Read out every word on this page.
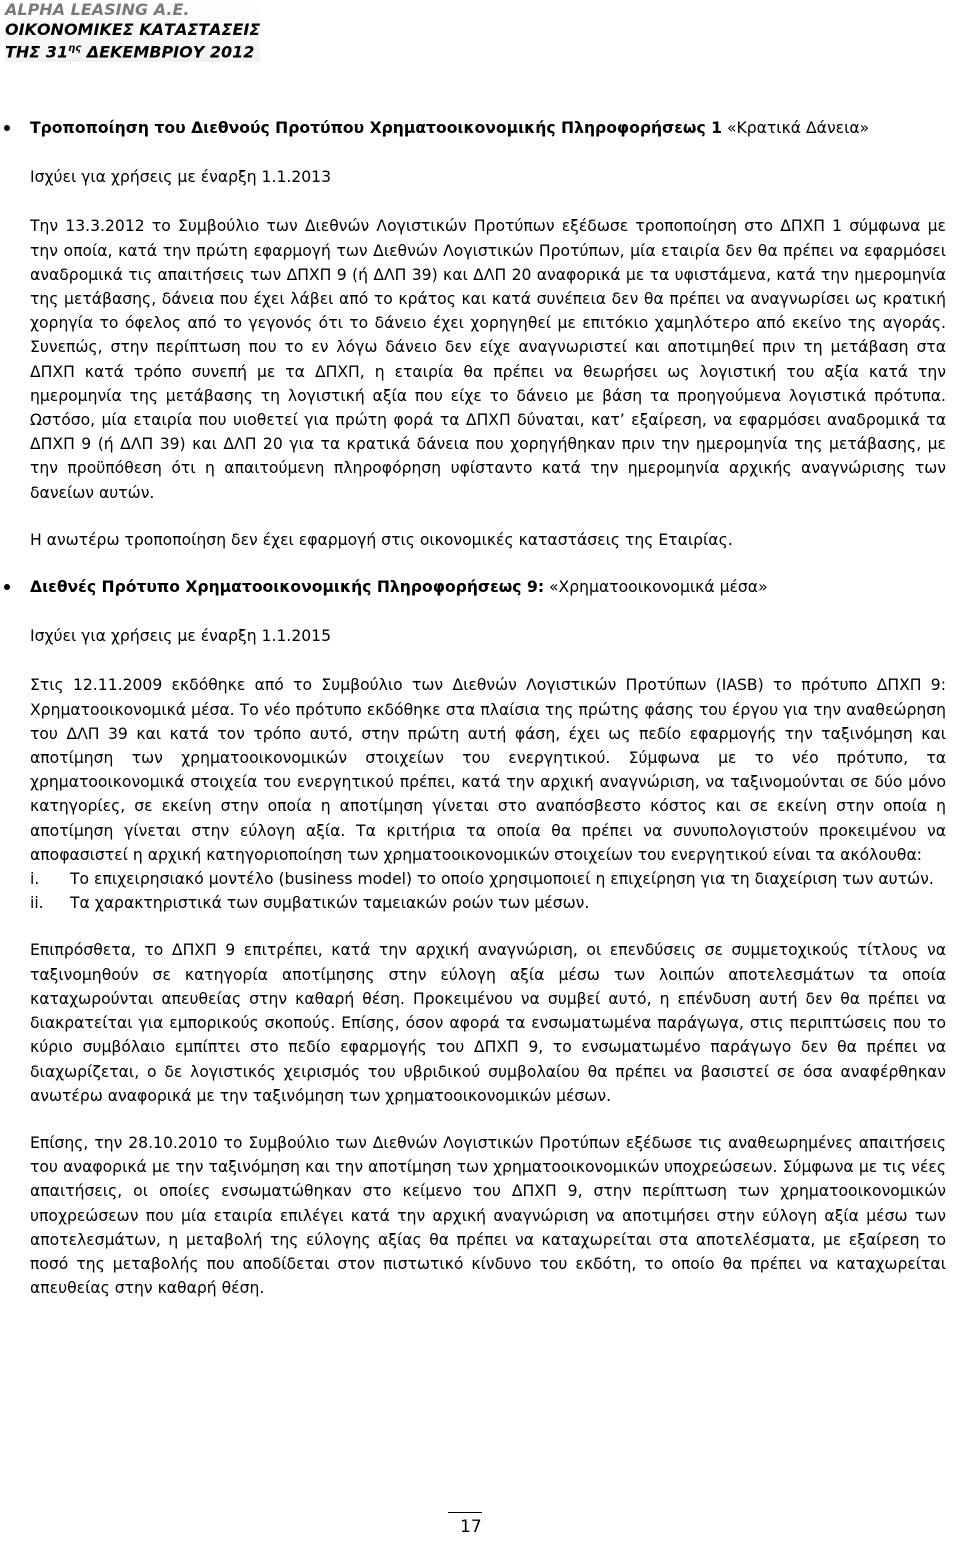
ALPHA LEASING A.E.
ΟΙΚΟΝΟΜΙΚΕΣ ΚΑΤΑΣΤΑΣΕΙΣ
ΤΗΣ $31^{\eta\varsigma}$ ΔΕΚΕΜΒΡΙΟΥ 2012

Τροποποίηση του Διεθνούς Προτύπου Χρηματοοικονομικής Πληροφορήσεως 1 «Κρατικά Δάνεια»

Ισχύει για χρήσεις με έναρξη 1.1.2013

Την 13.3.2012 το Συμβούλιο των Διεθνών Λογιστικών Προτύπων εξέδωσε τροποποίηση στο ΔΠΧΠ 1 σύμφωνα με την οποία, κατά την πρώτη εφαρμογή των Διεθνών Λογιστικών Προτύπων, μία εταιρία δεν θα πρέπει να εφαρμόσει αναδρομικά τις απαιτήσεις των ΔΠΧΠ 9 (ή ΔΛΠ 39) και ΔΛΠ 20 αναφορικά με τα υφιστάμενα, κατά την ημερομηνία της μετάβασης, δάνεια που έχει λάβει από το κράτος και κατά συνέπεια δεν θα πρέπει να αναγνωρίσει ως κρατική χορηγία το όφελος από το γεγονός ότι το δάνειο έχει χορηγηθεί με επιτόκιο χαμηλότερο από εκείνο της αγοράς. Συνεπώς, στην περίπτωση που το εν λόγω δάνειο δεν είχε αναγνωριστεί και αποτιμηθεί πριν τη μετάβαση στα ΔΠΧΠ κατά τρόπο συνεπή με τα ΔΠΧΠ, η εταιρία θα πρέπει να θεωρήσει ως λογιστική του αξία κατά την ημερομηνία της μετάβασης τη λογιστική αξία που είχε το δάνειο με βάση τα προηγούμενα λογιστικά πρότυπα. Ωστόσο, μία εταιρία που υιοθετεί για πρώτη φορά τα ΔΠΧΠ δύναται, κατ’ εξαίρεση, να εφαρμόσει αναδρομικά τα ΔΠΧΠ 9 (ή ΔΛΠ 39) και ΔΛΠ 20 για τα κρατικά δάνεια που χορηγήθηκαν πριν την ημερομηνία της μετάβασης, με την προϋπόθεση ότι η απαιτούμενη πληροφόρηση υφίσταντο κατά την ημερομηνία αρχικής αναγνώρισης των δανείων αυτών.

Η ανωτέρω τροποποίηση δεν έχει εφαρμογή στις οικονομικές καταστάσεις της Εταιρίας.

Διεθνές Πρότυπο Χρηματοοικονομικής Πληροφορήσεως 9: «Χρηματοοικονομικά μέσα»

Ισχύει για χρήσεις με έναρξη 1.1.2015

Στις 12.11.2009 εκδόθηκε από το Συμβούλιο των Διεθνών Λογιστικών Προτύπων (IASB) το πρότυπο ΔΠΧΠ 9: Χρηματοοικονομικά μέσα. Το νέο πρότυπο εκδόθηκε στα πλαίσια της πρώτης φάσης του έργου για την αναθεώρηση του ΔΛΠ 39 και κατά τον τρόπο αυτό, στην πρώτη αυτή φάση, έχει ως πεδίο εφαρμογής την ταξινόμηση και αποτίμηση των χρηματοοικονομικών στοιχείων του ενεργητικού. Σύμφωνα με το νέο πρότυπο, τα χρηματοοικονομικά στοιχεία του ενεργητικού πρέπει, κατά την αρχική αναγνώριση, να ταξινομούνται σε δύο μόνο κατηγορίες, σε εκείνη στην οποία η αποτίμηση γίνεται στο αναπόσβεστο κόστος και σε εκείνη στην οποία η αποτίμηση γίνεται στην εύλογη αξία. Τα κριτήρια τα οποία θα πρέπει να συνυπολογιστούν προκειμένου να αποφασιστεί η αρχική κατηγοριοποίηση των χρηματοοικονομικών στοιχείων του ενεργητικού είναι τα ακόλουθα:

i. Το επιχειρησιακό μοντέλο (business model) το οποίο χρησιμοποιεί η επιχείρηση για τη διαχείριση των αυτών.
ii. Τα χαρακτηριστικά των συμβατικών ταμειακών ροών των μέσων.

Επιπρόσθετα, το ΔΠΧΠ 9 επιτρέπει, κατά την αρχική αναγνώριση, οι επενδύσεις σε συμμετοχικούς τίτλους να ταξινομηθούν σε κατηγορία αποτίμησης στην εύλογη αξία μέσω των λοιπών αποτελεσμάτων τα οποία καταχωρούνται απευθείας στην καθαρή θέση. Προκειμένου να συμβεί αυτό, η επένδυση αυτή δεν θα πρέπει να διακρατείται για εμπορικούς σκοπούς. Επίσης, όσον αφορά τα ενσωματωμένα παράγωγα, στις περιπτώσεις που το κύριο συμβόλαιο εμπίπτει στο πεδίο εφαρμογής του ΔΠΧΠ 9, το ενσωματωμένο παράγωγο δεν θα πρέπει να διαχωρίζεται, ο δε λογιστικός χειρισμός του υβριδικού συμβολαίου θα πρέπει να βασιστεί σε όσα αναφέρθηκαν ανωτέρω αναφορικά με την ταξινόμηση των χρηματοοικονομικών μέσων.

Επίσης, την 28.10.2010 το Συμβούλιο των Διεθνών Λογιστικών Προτύπων εξέδωσε τις αναθεωρημένες απαιτήσεις του αναφορικά με την ταξινόμηση και την αποτίμηση των χρηματοοικονομικών υποχρεώσεων. Σύμφωνα με τις νέες απαιτήσεις, οι οποίες ενσωματώθηκαν στο κείμενο του ΔΠΧΠ 9, στην περίπτωση των χρηματοοικονομικών υποχρεώσεων που μία εταιρία επιλέγει κατά την αρχική αναγνώριση να αποτιμήσει στην εύλογη αξία μέσω των αποτελεσμάτων, η μεταβολή της εύλογης αξίας θα πρέπει να καταχωρείται στα αποτελέσματα, με εξαίρεση το ποσό της μεταβολής που αποδίδεται στον πιστωτικό κίνδυνο του εκδότη, το οποίο θα πρέπει να καταχωρείται απευθείας στην καθαρή θέση.

17
